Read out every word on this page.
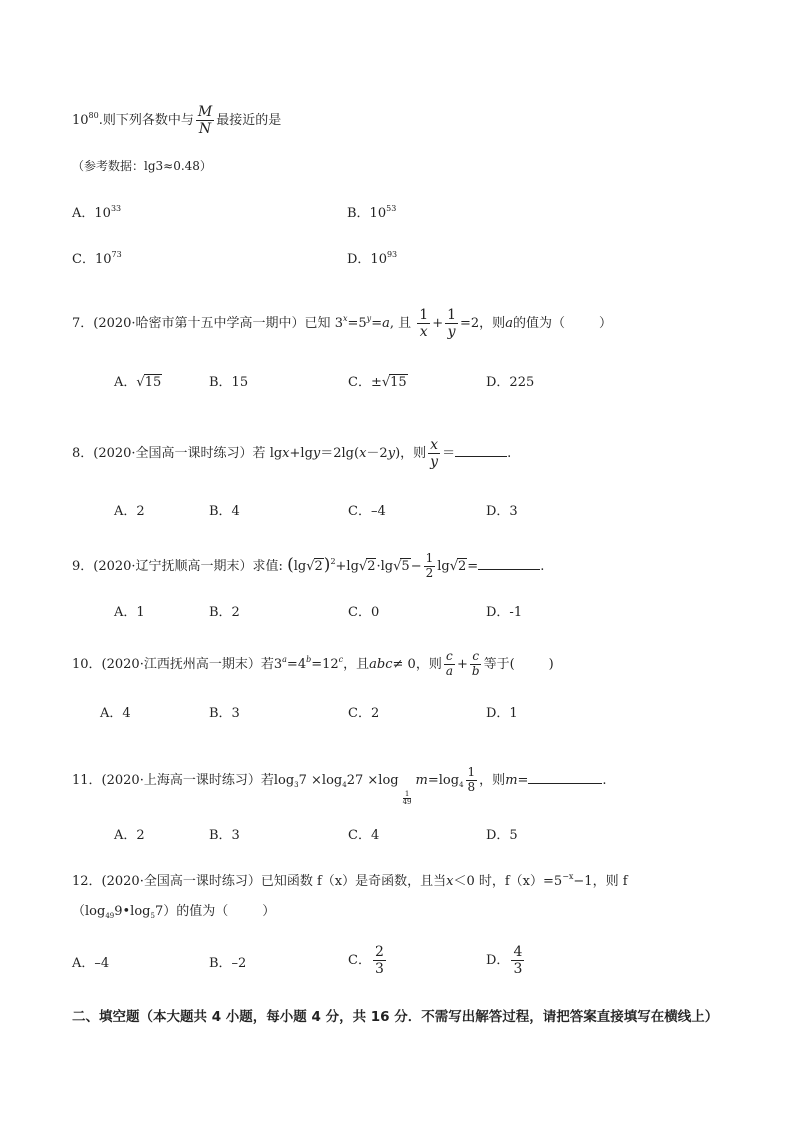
$10^{80}$.则下列各数中与 $\frac{M}{N}$ 最接近的是
（参考数据：lg3≈0.48）
A．$10^{33}$	B．$10^{53}$
C．$10^{73}$	D．$10^{93}$
7．(2020·哈密市第十五中学高一期中）已知 $3^x=5^y=a$, 且 $\frac{1}{x} + \frac{1}{y} =2$，则a的值为（	）
A．√15	B．15	C．±√15	D．225
8．(2020·全国高一课时练习）若 lgx+lgy＝2lg(x－2y)，则 $\frac{x}{y}$ ＝	.
A．2	B．4	C．–4	D．3
9．(2020·辽宁抚顺高一期末）求值: $(\lg√2)^2+\lg√2\cdot\lg√5- \frac{1}{2} \lg√2=$	.
A．1	B．2	C．0	D．-1
10．(2020·江西抚州高一期末）若$3^a=4^b=12^c$，且abc≠ 0，则 $\frac{c}{a} + \frac{c}{b}$ 等于(	)
A．4	B．3	C．2	D．1
11．(2020·上海高一课时练习）若$\log_37 \times\log_427 \times\log$
$\frac{1}{49}$
$m=\log_4 \frac{1}{8}$ ，则m=	.
A．2	B．3	C．4	D．5
12．(2020·全国高一课时练习）已知函数 f（x）是奇函数，且当x＜0 时，$f(x)=5^{-x}-1$，则 f
$(\log_{49}9•\log_57)$的值为（	）
A．–4	B．–2	C． $\frac{2}{3}$	D． $\frac{4}{3}$
二、填空题（本大题共 4 小题，每小题 4 分，共 16 分．不需写出解答过程，请把答案直接填写在横线上）
